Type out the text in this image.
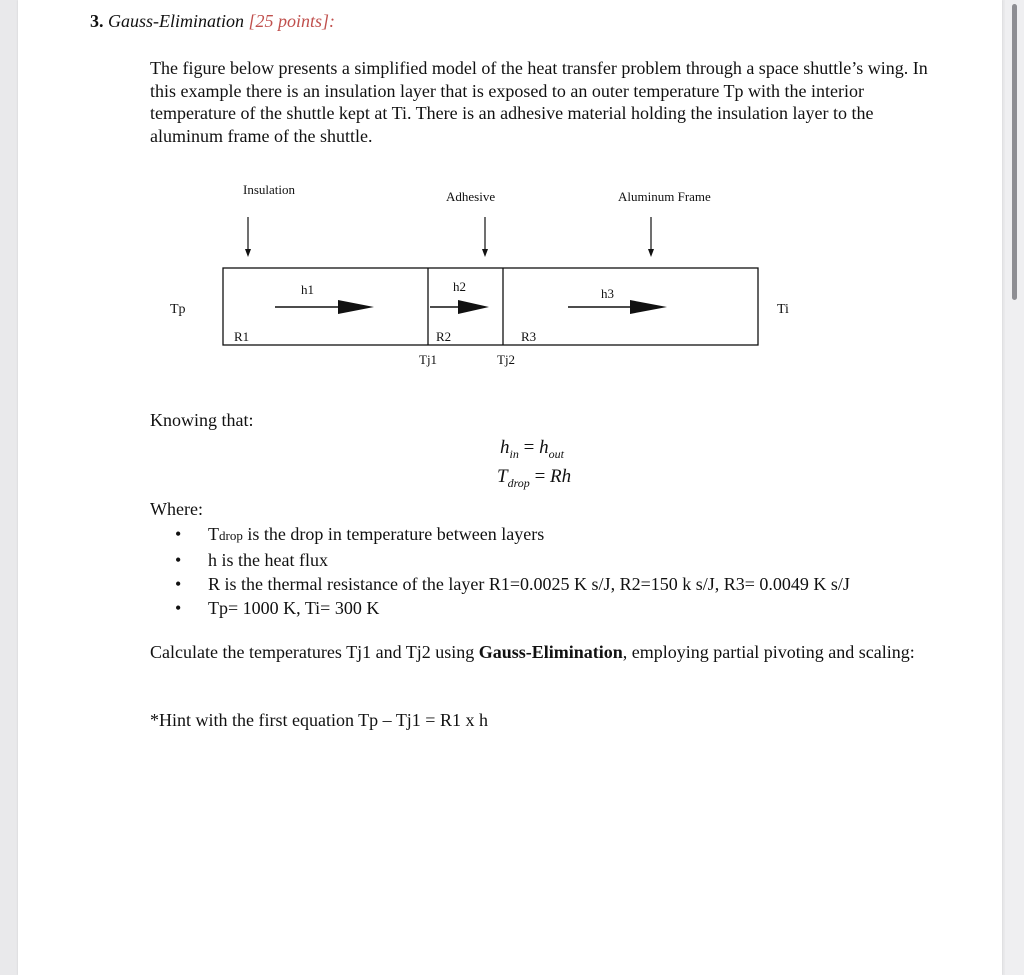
3. Gauss-Elimination [25 points]:
The figure below presents a simplified model of the heat transfer problem through a space shuttle’s wing. In this example there is an insulation layer that is exposed to an outer temperature Tp with the interior temperature of the shuttle kept at Ti. There is an adhesive material holding the insulation layer to the aluminum frame of the shuttle.
Insulation	Adhesive	Aluminum Frame
Tp	Ti
h1	h2	h3
R1	R2	R3
Tj1	Tj2
Knowing that:
$h_{in} = h_{out}$
$T_{drop} = Rh$
Where:
• Tdrop is the drop in temperature between layers
• h is the heat flux
• R is the thermal resistance of the layer R1=0.0025 K s/J, R2=150 k s/J, R3= 0.0049 K s/J
• Tp= 1000 K, Ti= 300 K
Calculate the temperatures Tj1 and Tj2 using Gauss-Elimination, employing partial pivoting and scaling:
*Hint with the first equation Tp – Tj1 = R1 x h
